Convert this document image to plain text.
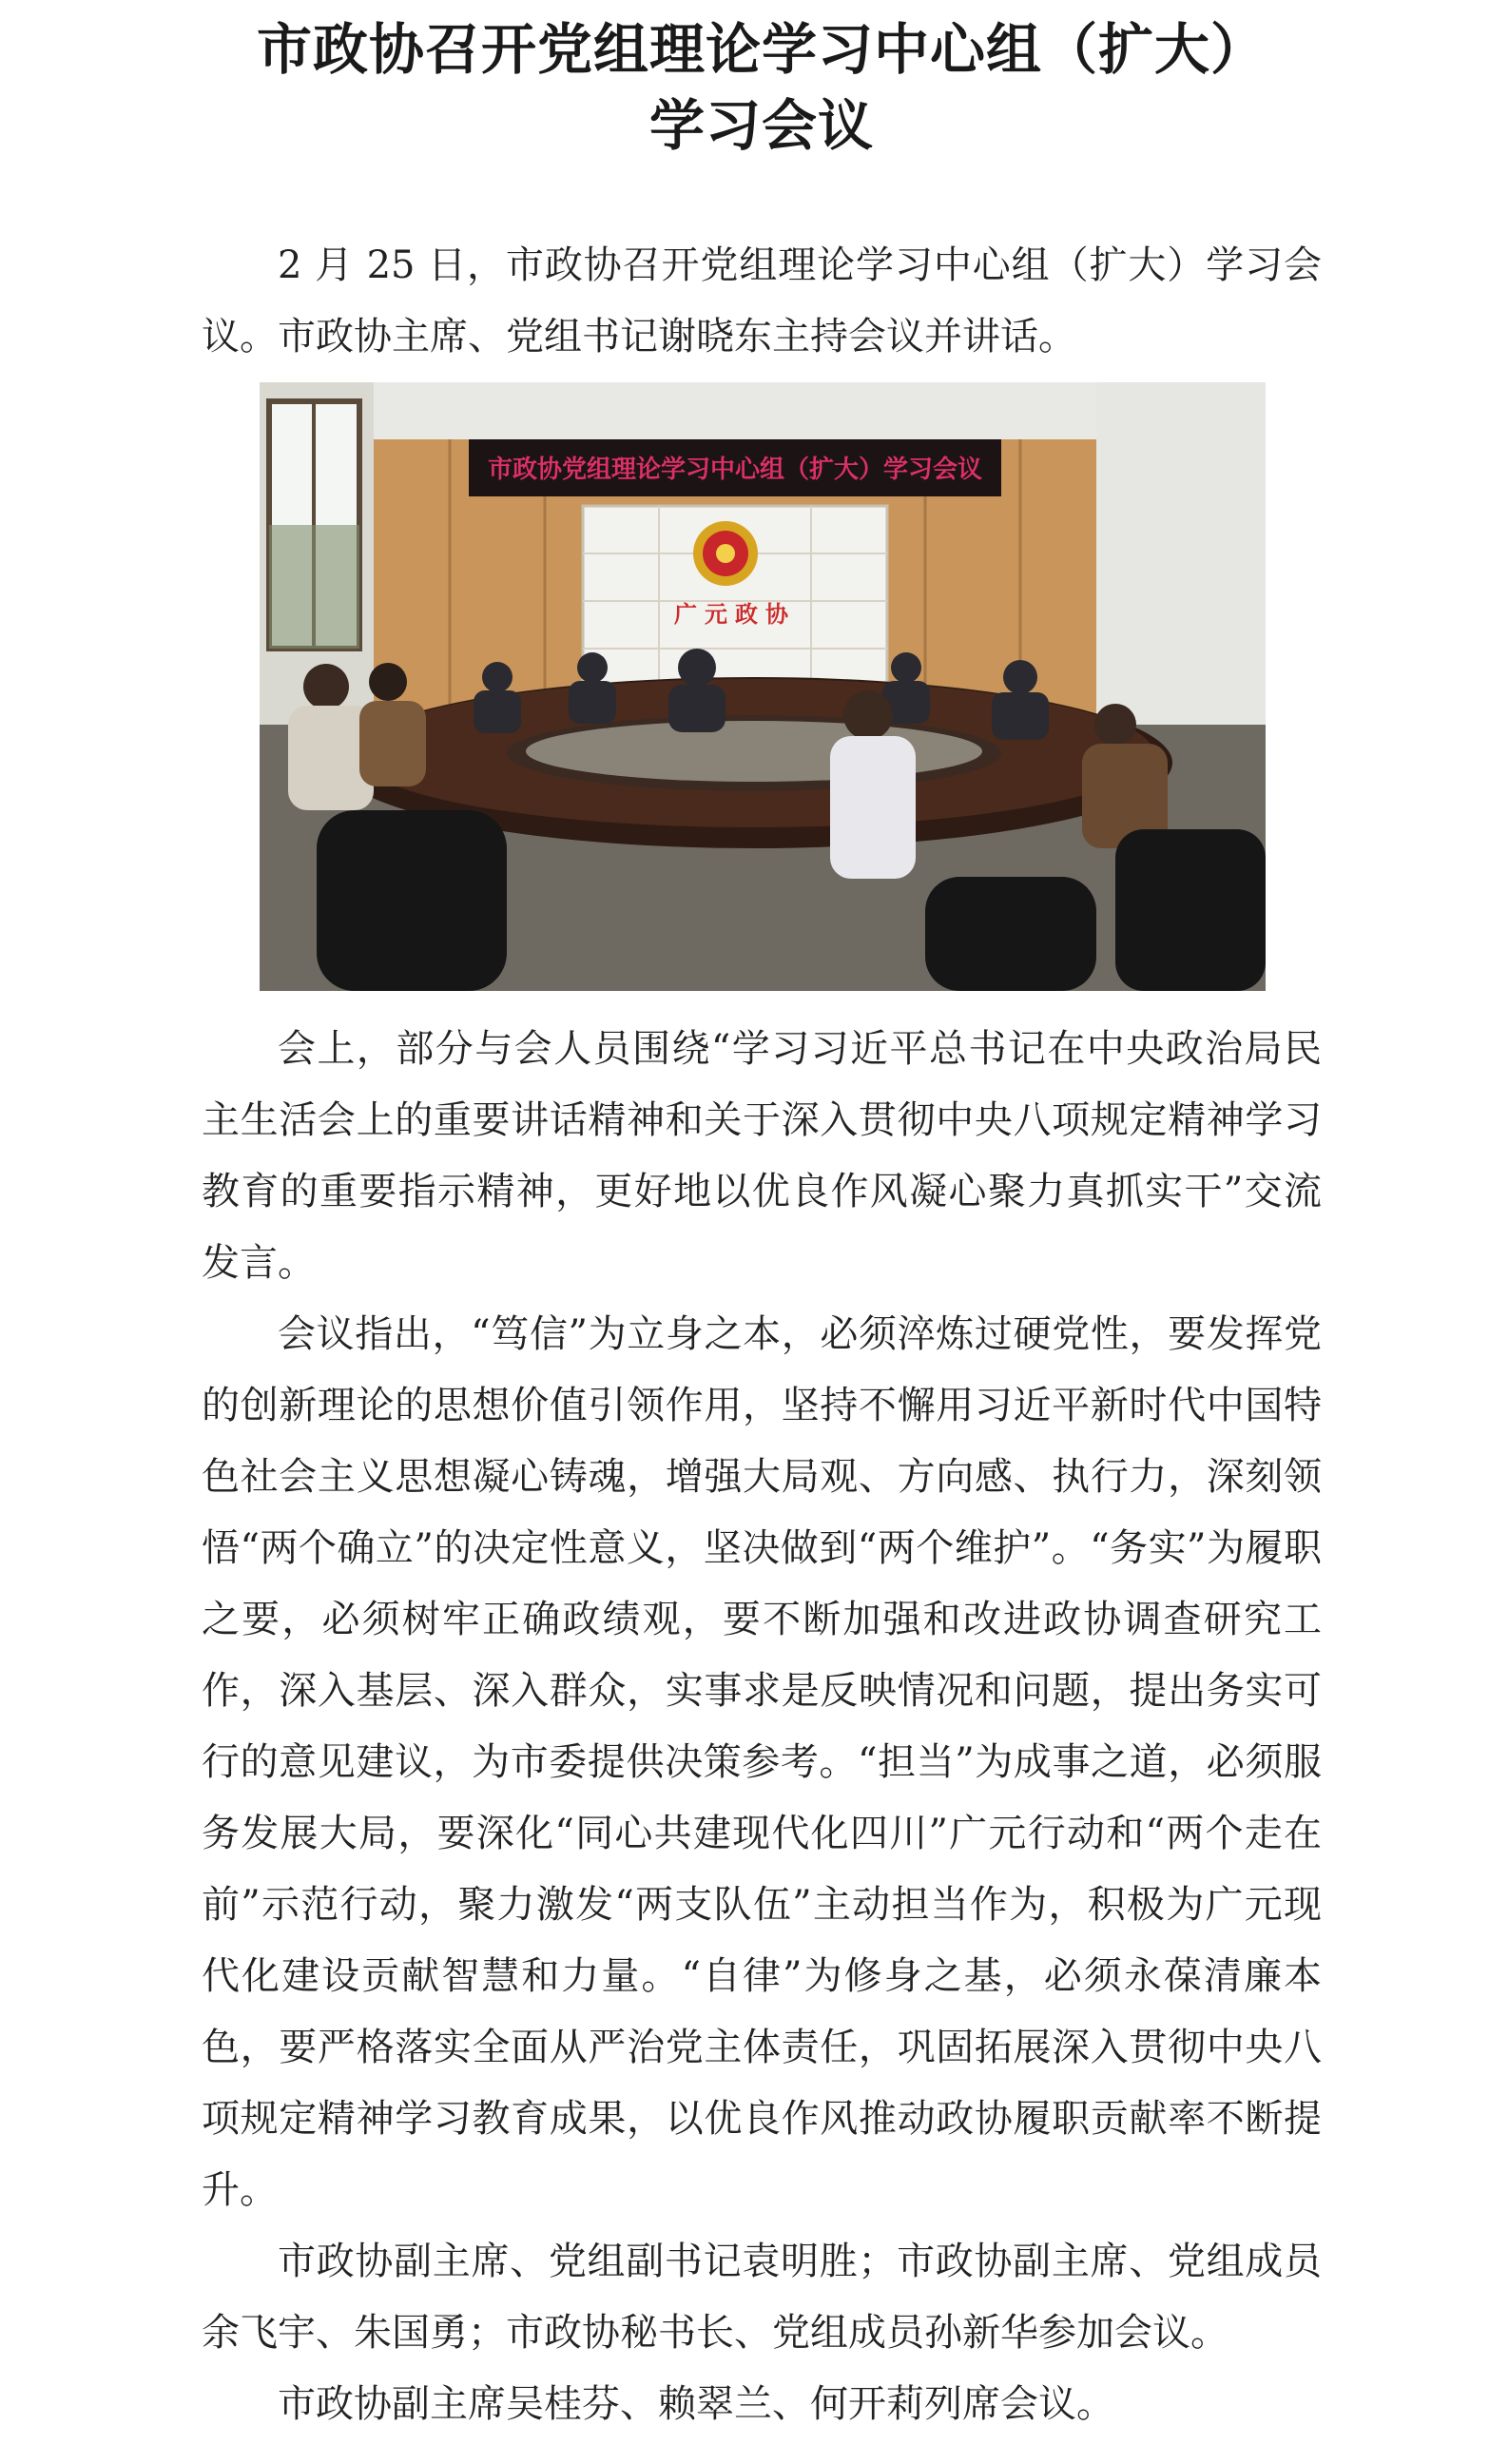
市政协召开党组理论学习中心组（扩大）
学习会议

2 月 25 日，市政协召开党组理论学习中心组（扩大）学习会议。市政协主席、党组书记谢晓东主持会议并讲话。

市政协党组理论学习中心组（扩大）学习会议
广元政协

会上，部分与会人员围绕“学习习近平总书记在中央政治局民主生活会上的重要讲话精神和关于深入贯彻中央八项规定精神学习教育的重要指示精神，更好地以优良作风凝心聚力真抓实干”交流发言。

会议指出，“笃信”为立身之本，必须淬炼过硬党性，要发挥党的创新理论的思想价值引领作用，坚持不懈用习近平新时代中国特色社会主义思想凝心铸魂，增强大局观、方向感、执行力，深刻领悟“两个确立”的决定性意义，坚决做到“两个维护”。“务实”为履职之要，必须树牢正确政绩观，要不断加强和改进政协调查研究工作，深入基层、深入群众，实事求是反映情况和问题，提出务实可行的意见建议，为市委提供决策参考。“担当”为成事之道，必须服务发展大局，要深化“同心共建现代化四川”广元行动和“两个走在前”示范行动，聚力激发“两支队伍”主动担当作为，积极为广元现代化建设贡献智慧和力量。“自律”为修身之基，必须永葆清廉本色，要严格落实全面从严治党主体责任，巩固拓展深入贯彻中央八项规定精神学习教育成果，以优良作风推动政协履职贡献率不断提升。

市政协副主席、党组副书记袁明胜；市政协副主席、党组成员余飞宇、朱国勇；市政协秘书长、党组成员孙新华参加会议。

市政协副主席吴桂芬、赖翠兰、何开莉列席会议。
